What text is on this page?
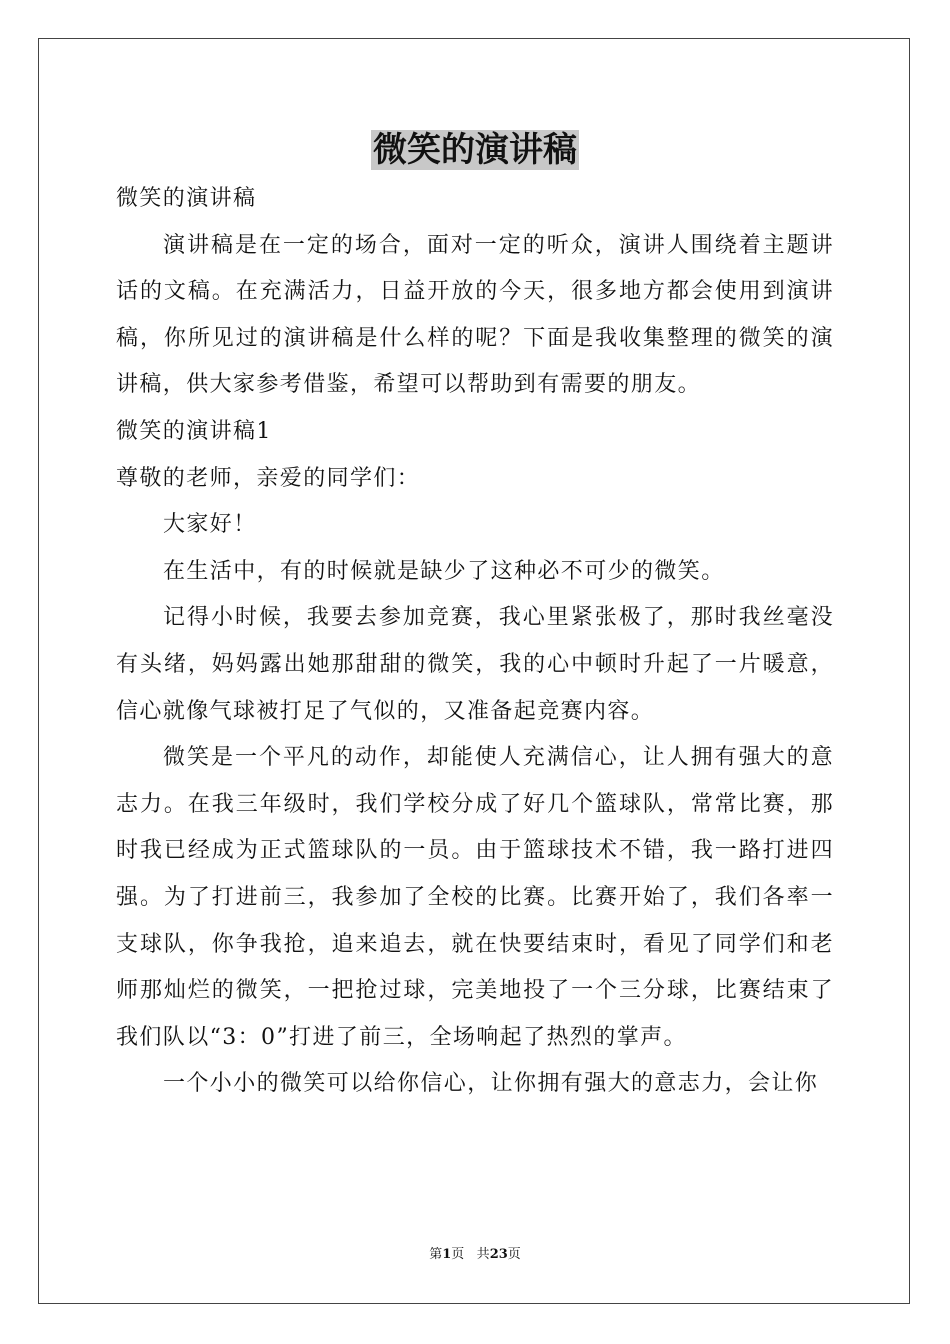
微笑的演讲稿

微笑的演讲稿

演讲稿是在一定的场合，面对一定的听众，演讲人围绕着主题讲话的文稿。在充满活力，日益开放的今天，很多地方都会使用到演讲稿，你所见过的演讲稿是什么样的呢？下面是我收集整理的微笑的演讲稿，供大家参考借鉴，希望可以帮助到有需要的朋友。

微笑的演讲稿1

尊敬的老师，亲爱的同学们：

大家好！

在生活中，有的时候就是缺少了这种必不可少的微笑。

记得小时候，我要去参加竞赛，我心里紧张极了，那时我丝毫没有头绪，妈妈露出她那甜甜的微笑，我的心中顿时升起了一片暖意，信心就像气球被打足了气似的，又准备起竞赛内容。

微笑是一个平凡的动作，却能使人充满信心，让人拥有强大的意志力。在我三年级时，我们学校分成了好几个篮球队，常常比赛，那时我已经成为正式篮球队的一员。由于篮球技术不错，我一路打进四强。为了打进前三，我参加了全校的比赛。比赛开始了，我们各率一支球队，你争我抢，追来追去，就在快要结束时，看见了同学们和老师那灿烂的微笑，一把抢过球，完美地投了一个三分球，比赛结束了我们队以“3：0”打进了前三，全场响起了热烈的掌声。

一个小小的微笑可以给你信心，让你拥有强大的意志力，会让你

第1页 共23页
